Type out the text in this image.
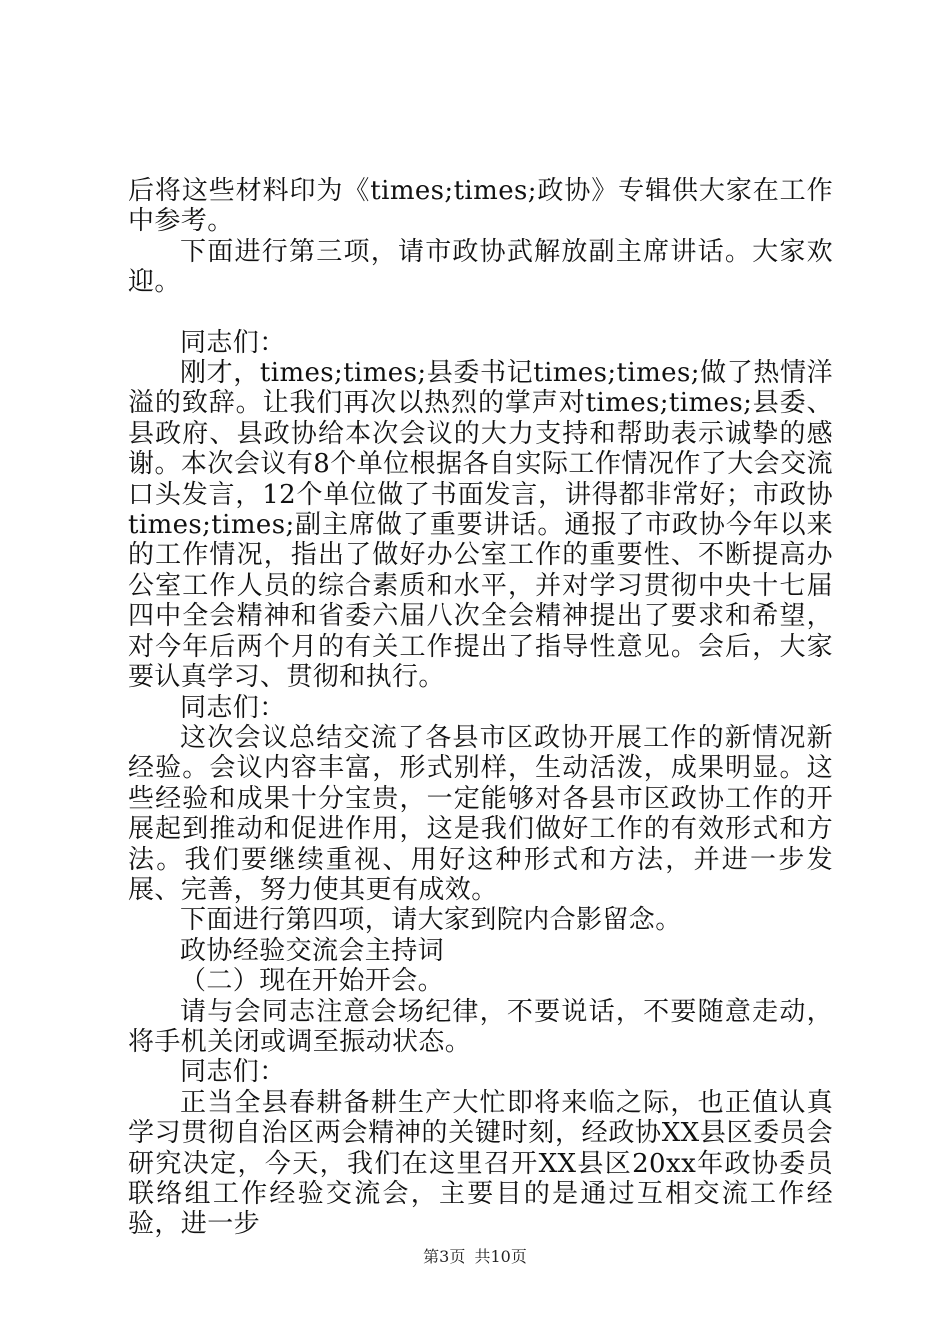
后将这些材料印为《times;times;政协》专辑供大家在工作中参考。

下面进行第三项，请市政协武解放副主席讲话。大家欢迎。

同志们：

刚才，times;times;县委书记times;times;做了热情洋溢的致辞。让我们再次以热烈的掌声对times;times;县委、县政府、县政协给本次会议的大力支持和帮助表示诚挚的感谢。本次会议有8个单位根据各自实际工作情况作了大会交流口头发言，12个单位做了书面发言，讲得都非常好；市政协times;times;副主席做了重要讲话。通报了市政协今年以来的工作情况，指出了做好办公室工作的重要性、不断提高办公室工作人员的综合素质和水平，并对学习贯彻中央十七届四中全会精神和省委六届八次全会精神提出了要求和希望，对今年后两个月的有关工作提出了指导性意见。会后，大家要认真学习、贯彻和执行。

同志们：

这次会议总结交流了各县市区政协开展工作的新情况新经验。会议内容丰富，形式别样，生动活泼，成果明显。这些经验和成果十分宝贵，一定能够对各县市区政协工作的开展起到推动和促进作用，这是我们做好工作的有效形式和方法。我们要继续重视、用好这种形式和方法，并进一步发展、完善，努力使其更有成效。

下面进行第四项，请大家到院内合影留念。

政协经验交流会主持词

（二）现在开始开会。

请与会同志注意会场纪律，不要说话，不要随意走动，将手机关闭或调至振动状态。

同志们：

正当全县春耕备耕生产大忙即将来临之际，也正值认真学习贯彻自治区两会精神的关键时刻，经政协XX县区委员会研究决定，今天，我们在这里召开XX县区20xx年政协委员联络组工作经验交流会，主要目的是通过互相交流工作经验，进一步

第3页 共10页
